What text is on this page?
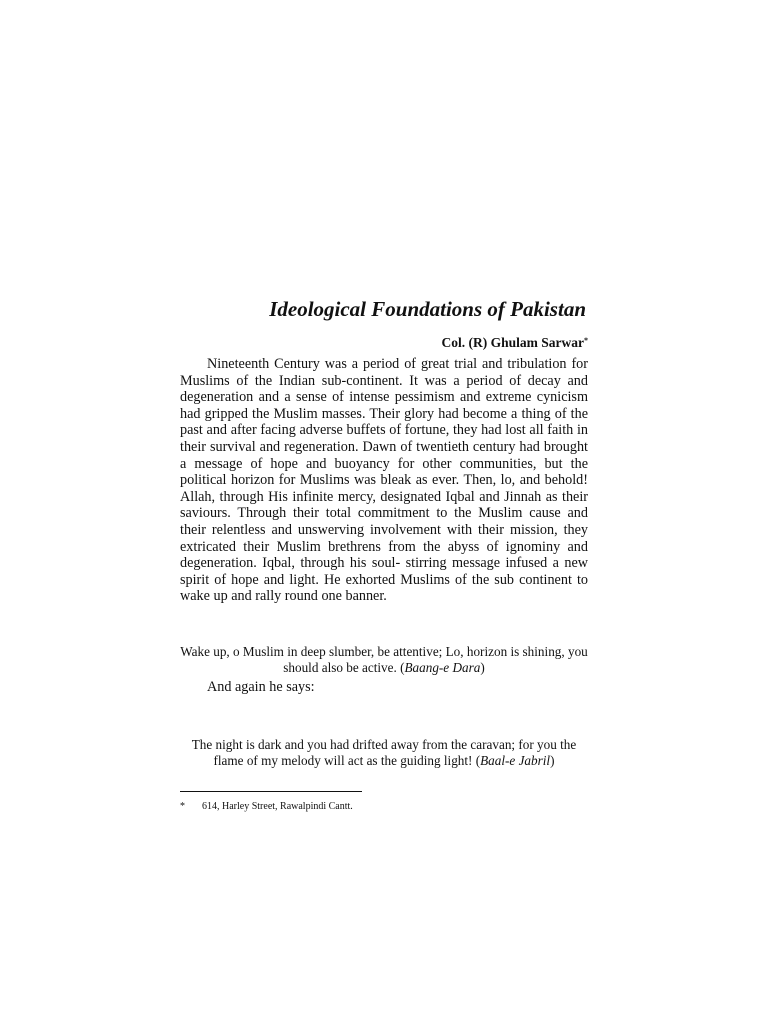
Ideological Foundations of Pakistan
Col. (R) Ghulam Sarwar*

Nineteenth Century was a period of great trial and tribulation for Muslims of the Indian sub-continent. It was a period of decay and degeneration and a sense of intense pessimism and extreme cynicism had gripped the Muslim masses. Their glory had become a thing of the past and after facing adverse buffets of fortune, they had lost all faith in their survival and regeneration. Dawn of twentieth century had brought a message of hope and buoyancy for other communities, but the political horizon for Muslims was bleak as ever. Then, lo, and behold! Allah, through His infinite mercy, designated Iqbal and Jinnah as their saviours. Through their total commitment to the Muslim cause and their relentless and unswerving involvement with their mission, they extricated their Muslim brethrens from the abyss of ignominy and degeneration. Iqbal, through his soul- stirring message infused a new spirit of hope and light. He exhorted Muslims of the sub continent to wake up and rally round one banner.

Wake up, o Muslim in deep slumber, be attentive; Lo, horizon is shining, you should also be active. (Baang-e Dara)

And again he says:

The night is dark and you had drifted away from the caravan; for you the flame of my melody will act as the guiding light! (Baal-e Jabril)

*	614, Harley Street, Rawalpindi Cantt.
